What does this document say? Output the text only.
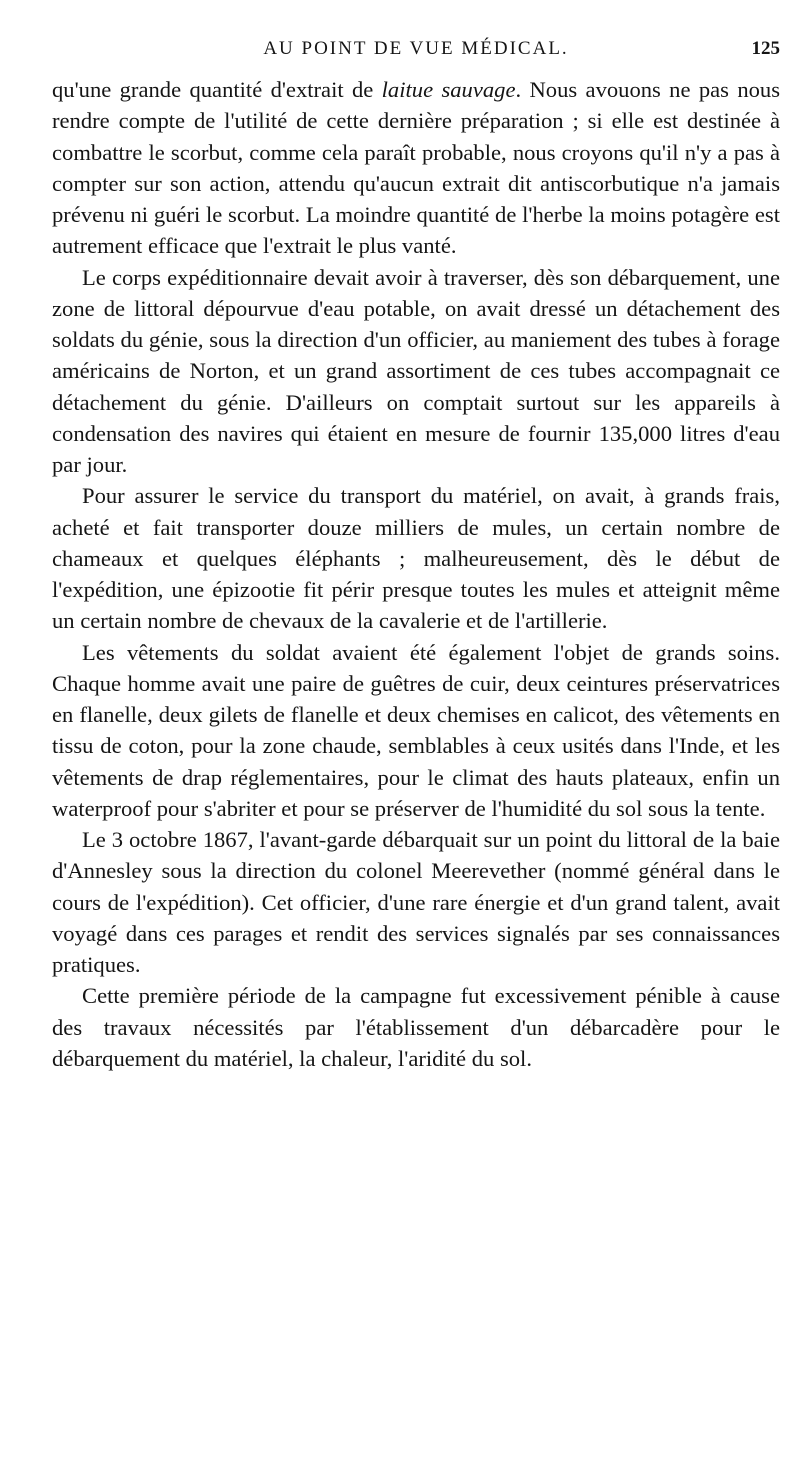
AU POINT DE VUE MÉDICAL.	125

qu'une grande quantité d'extrait de laitue sauvage. Nous avouons ne pas nous rendre compte de l'utilité de cette dernière préparation ; si elle est destinée à combattre le scorbut, comme cela paraît probable, nous croyons qu'il n'y a pas à compter sur son action, attendu qu'aucun extrait dit antiscorbutique n'a jamais prévenu ni guéri le scorbut. La moindre quantité de l'herbe la moins potagère est autrement efficace que l'extrait le plus vanté.

Le corps expéditionnaire devait avoir à traverser, dès son débarquement, une zone de littoral dépourvue d'eau potable, on avait dressé un détachement des soldats du génie, sous la direction d'un officier, au maniement des tubes à forage américains de Norton, et un grand assortiment de ces tubes accompagnait ce détachement du génie. D'ailleurs on comptait surtout sur les appareils à condensation des navires qui étaient en mesure de fournir 135,000 litres d'eau par jour.

Pour assurer le service du transport du matériel, on avait, à grands frais, acheté et fait transporter douze milliers de mules, un certain nombre de chameaux et quelques éléphants ; malheureusement, dès le début de l'expédition, une épizootie fit périr presque toutes les mules et atteignit même un certain nombre de chevaux de la cavalerie et de l'artillerie.

Les vêtements du soldat avaient été également l'objet de grands soins. Chaque homme avait une paire de guêtres de cuir, deux ceintures préservatrices en flanelle, deux gilets de flanelle et deux chemises en calicot, des vêtements en tissu de coton, pour la zone chaude, semblables à ceux usités dans l'Inde, et les vêtements de drap réglementaires, pour le climat des hauts plateaux, enfin un waterproof pour s'abriter et pour se préserver de l'humidité du sol sous la tente.

Le 3 octobre 1867, l'avant-garde débarquait sur un point du littoral de la baie d'Annesley sous la direction du colonel Meerevether (nommé général dans le cours de l'expédition). Cet officier, d'une rare énergie et d'un grand talent, avait voyagé dans ces parages et rendit des services signalés par ses connaissances pratiques.

Cette première période de la campagne fut excessivement pénible à cause des travaux nécessités par l'établissement d'un débarcadère pour le débarquement du matériel, la chaleur, l'aridité du sol.
